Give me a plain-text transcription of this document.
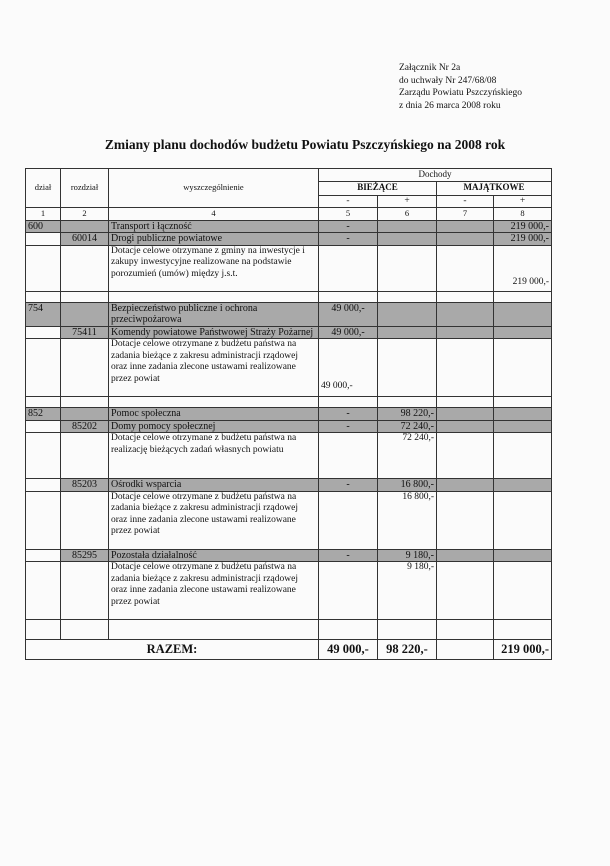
Załącznik Nr 2a
do uchwały Nr 247/68/08
Zarządu Powiatu Pszczyńskiego
z dnia 26 marca 2008 roku
Zmiany planu dochodów budżetu Powiatu Pszczyńskiego na 2008 rok
dział	rozdział	wyszczególnienie	Dochody			
			BIEŻĄCE		MAJĄTKOWE	
			-	+	-	+
1	2	4	5	6	7	8
600		Transport i łączność	-			219 000,-
	60014	Drogi publiczne powiatowe	-			219 000,-
		Dotacje celowe otrzymane z gminy na inwestycje i zakupy inwestycyjne realizowane na podstawie porozumień (umów) między j.s.t.				219 000,-

754		Bezpieczeństwo publiczne i ochrona przeciwpożarowa	49 000,-			
	75411	Komendy powiatowe Państwowej Straży Pożarnej	49 000,-			
		Dotacje celowe otrzymane z budżetu państwa na zadania bieżące z zakresu administracji rządowej oraz inne zadania zlecone ustawami realizowane przez powiat	49 000,-			

852		Pomoc społeczna	-	98 220,-		
	85202	Domy pomocy społecznej	-	72 240,-		
		Dotacje celowe otrzymane z budżetu państwa na realizację bieżących zadań własnych powiatu		72 240,-		
	85203	Ośrodki wsparcia	-	16 800,-		
		Dotacje celowe otrzymane z budżetu państwa na zadania bieżące z zakresu administracji rządowej oraz inne zadania zlecone ustawami realizowane przez powiat		16 800,-		
	85295	Pozostała działalność	-	9 180,-		
		Dotacje celowe otrzymane z budżetu państwa na zadania bieżące z zakresu administracji rządowej oraz inne zadania zlecone ustawami realizowane przez powiat		9 180,-		

RAZEM:			49 000,-	98 220,-		219 000,-
